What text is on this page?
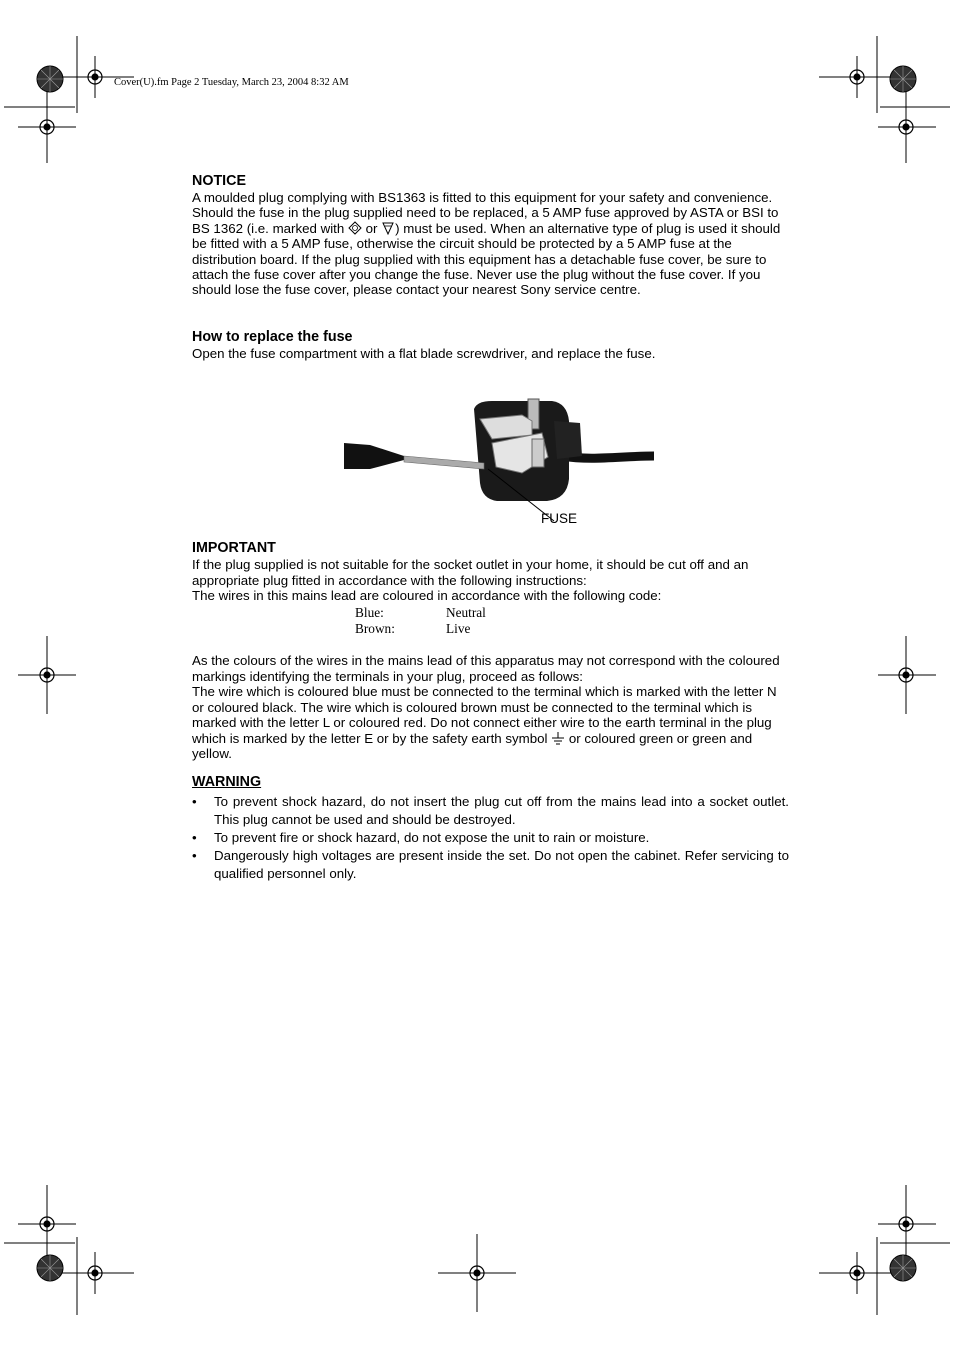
Cover(U).fm Page 2 Tuesday, March 23, 2004 8:32 AM

NOTICE

A moulded plug complying with BS1363 is fitted to this equipment for your safety and convenience. Should the fuse in the plug supplied need to be replaced, a 5 AMP fuse approved by ASTA or BSI to BS 1362 (i.e. marked with  or ) must be used. When an alternative type of plug is used it should be fitted with a 5 AMP fuse, otherwise the circuit should be protected by a 5 AMP fuse at the distribution board. If the plug supplied with this equipment has a detachable fuse cover, be sure to attach the fuse cover after you change the fuse. Never use the plug without the fuse cover. If you should lose the fuse cover, please contact your nearest Sony service centre.

How to replace the fuse

Open the fuse compartment with a flat blade screwdriver, and replace the fuse.

FUSE

IMPORTANT

If the plug supplied is not suitable for the socket outlet in your home, it should be cut off and an appropriate plug fitted in accordance with the following instructions:

The wires in this mains lead are coloured in accordance with the following code:

Blue:	Neutral
Brown:	Live

As the colours of the wires in the mains lead of this apparatus may not correspond with the coloured markings identifying the terminals in your plug, proceed as follows:

The wire which is coloured blue must be connected to the terminal which is marked with the letter N or coloured black. The wire which is coloured brown must be connected to the terminal which is marked with the letter L or coloured red. Do not connect either wire to the earth terminal in the plug which is marked by the letter E or by the safety earth symbol  or coloured green or green and yellow.

WARNING

• To prevent shock hazard, do not insert the plug cut off from the mains lead into a socket outlet. This plug cannot be used and should be destroyed.
• To prevent fire or shock hazard, do not expose the unit to rain or moisture.
• Dangerously high voltages are present inside the set. Do not open the cabinet. Refer servicing to qualified personnel only.
